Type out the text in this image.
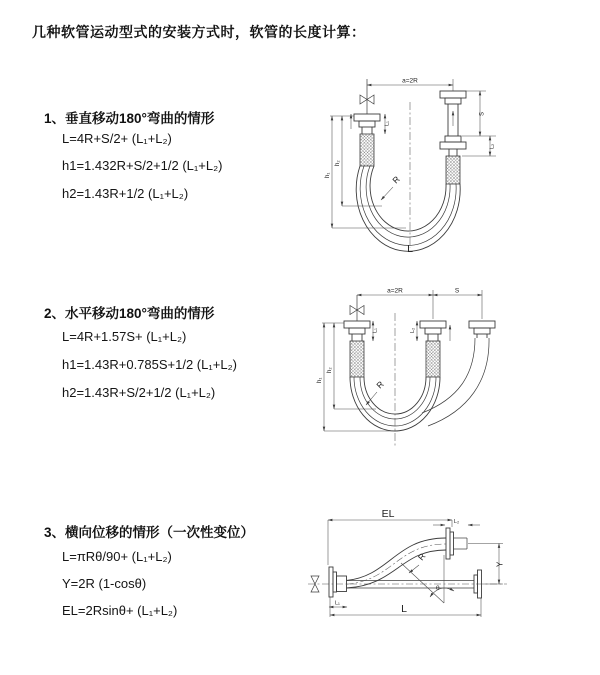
几种软管运动型式的安装方式时，软管的长度计算：
1、垂直移动180°弯曲的情形
L=4R+S/2+ (L₁+L₂)
h1=1.432R+S/2+1/2 (L₁+L₂)
h2=1.43R+1/2 (L₁+L₂)
2、水平移动180°弯曲的情形
L=4R+1.57S+ (L₁+L₂)
h1=1.43R+0.785S+1/2 (L₁+L₂)
h2=1.43R+S/2+1/2 (L₁+L₂)
3、横向位移的情形（一次性变位）
L=πRθ/90+ (L₁+L₂)
Y=2R (1-cosθ)
EL=2Rsinθ+ (L₁+L₂)
a=2R
R
L
h₁
h₂
S
L₂
L₁
a=2R	S
R
h₁
h₂
L₁	L₂
EL
L₂
Y
θ
R
L
L₁
